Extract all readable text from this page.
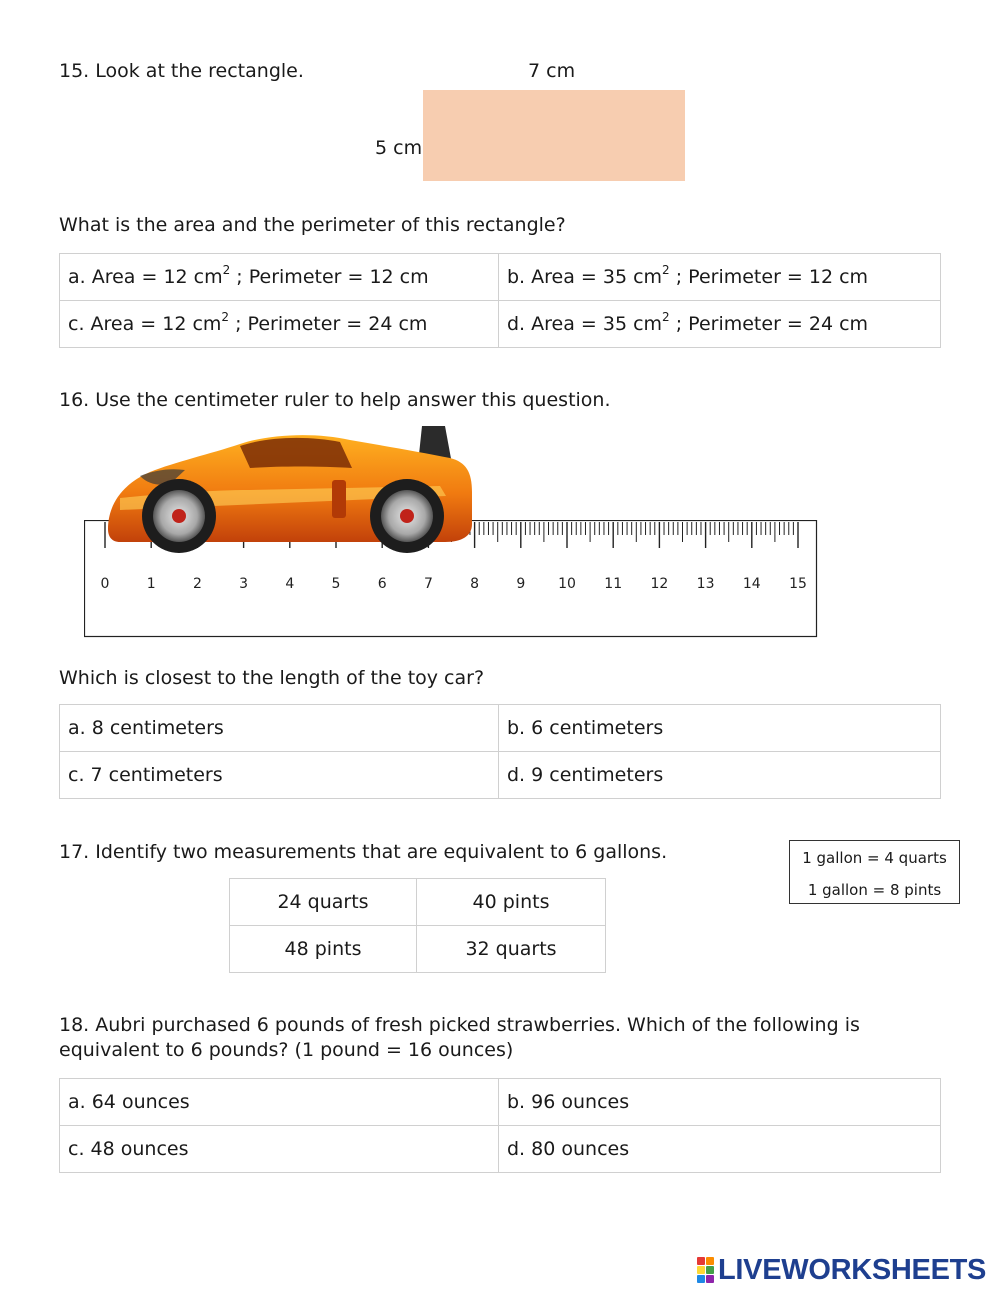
15. Look at the rectangle.	7 cm
5 cm
What is the area and the perimeter of this rectangle?
a. Area = 12 $cm^2$ ; Perimeter = 12 cm	b. Area = 35 $cm^2$ ; Perimeter = 12 cm
c. Area = 12 $cm^2$ ; Perimeter = 24 cm	d. Area = 35 $cm^2$ ; Perimeter = 24 cm
16. Use the centimeter ruler to help answer this question.
0	1	2	3	4	5	6	7	8	9 10 11 12 13 14 15
Which is closest to the length of the toy car?
a. 8 centimeters	b. 6 centimeters
c. 7 centimeters	d. 9 centimeters
17. Identify two measurements that are equivalent to 6 gallons.	1 gallon = 4 quarts
1 gallon = 8 pints
24 quarts	40 pints
48 pints	32 quarts
18. Aubri purchased 6 pounds of fresh picked strawberries. Which of the following is
equivalent to 6 pounds? (1 pound = 16 ounces)
a. 64 ounces	b. 96 ounces
c. 48 ounces	d. 80 ounces
LIVEWORKSHEETS
